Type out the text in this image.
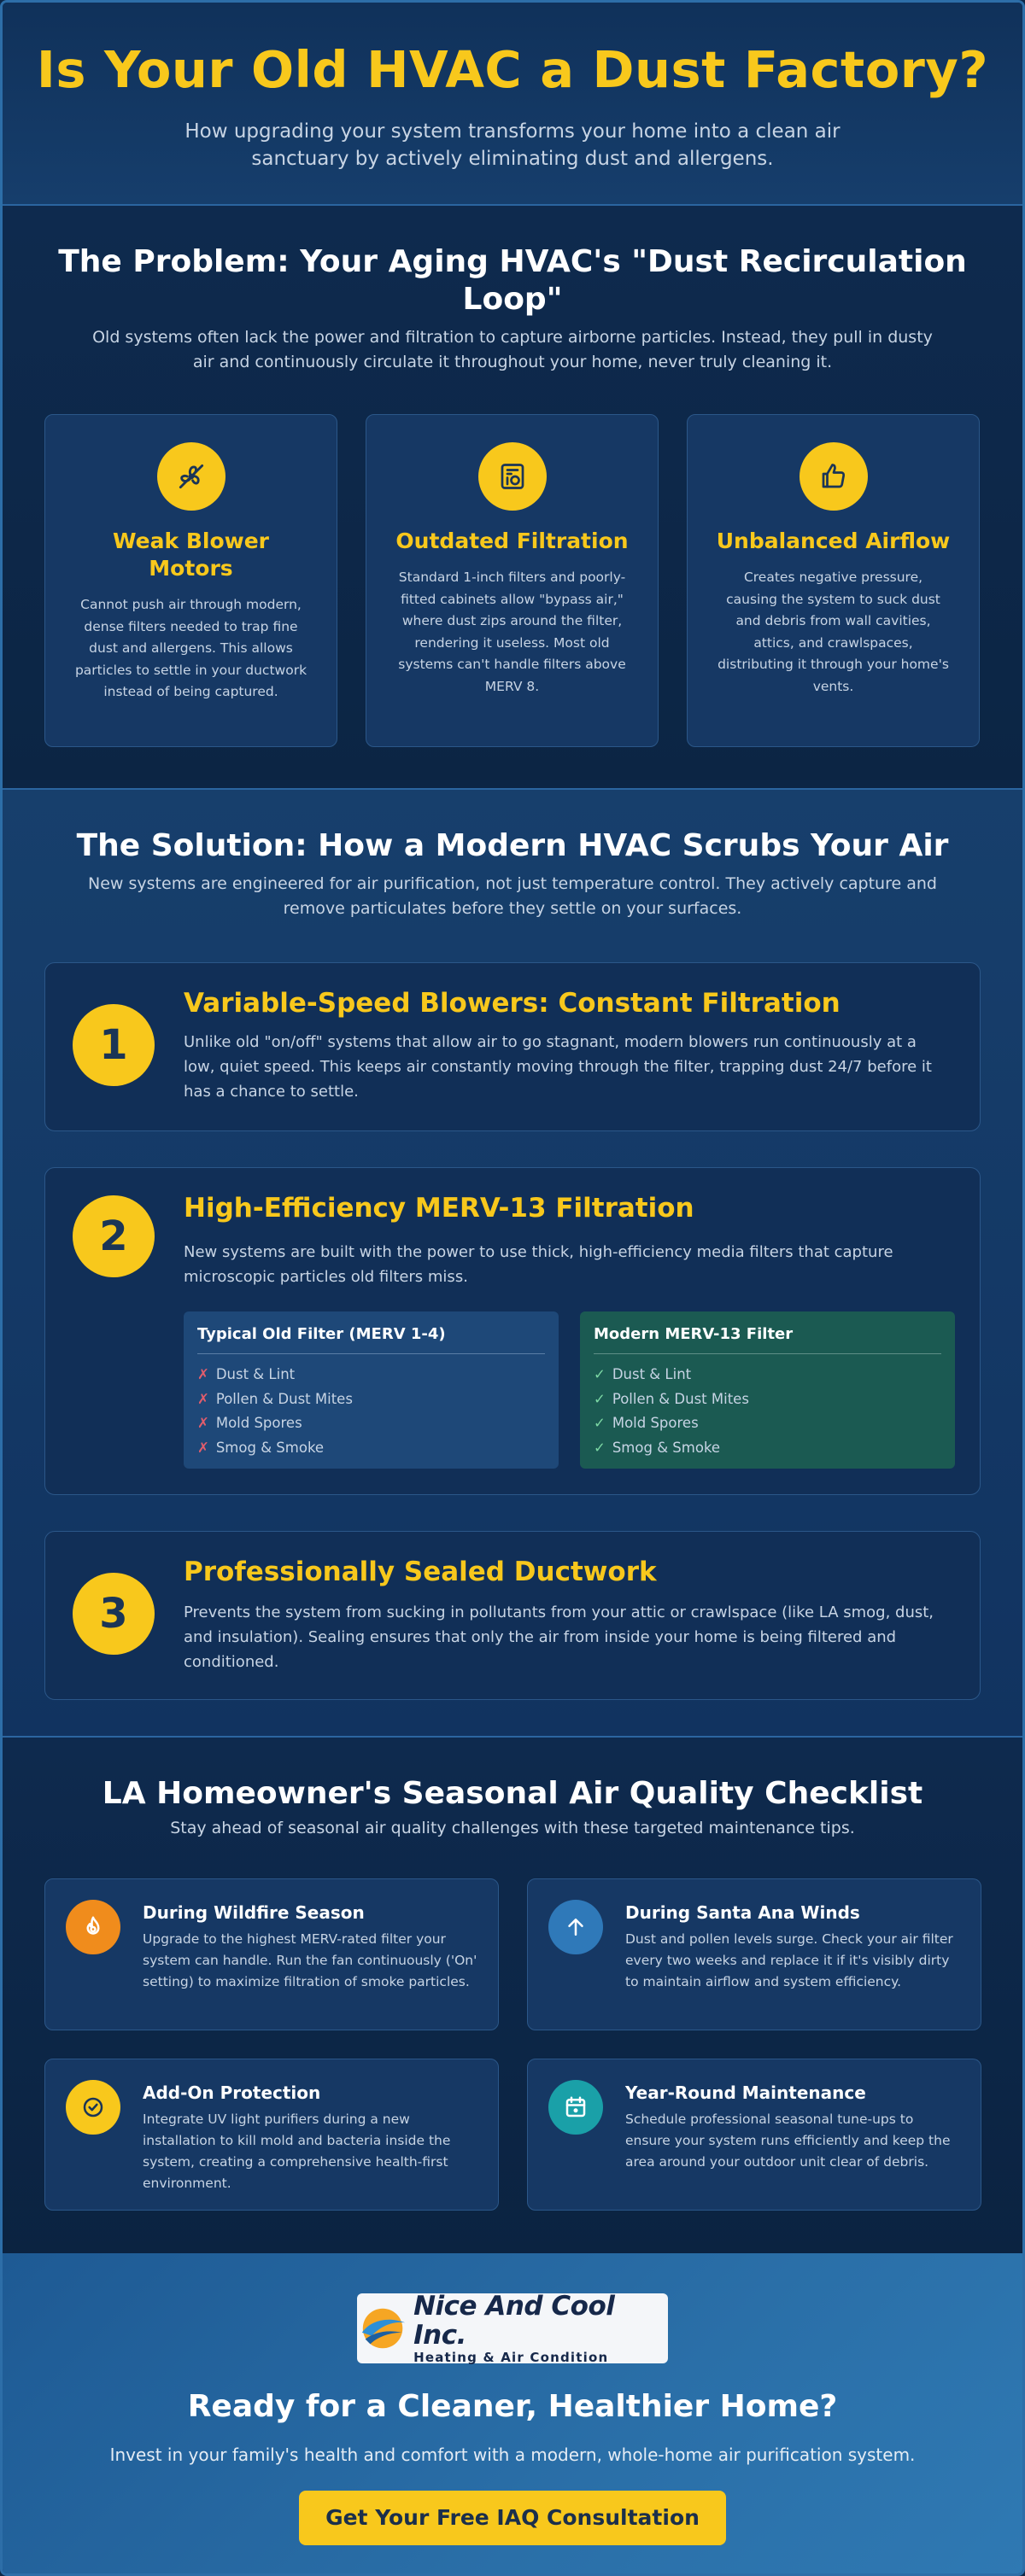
Is Your Old HVAC a Dust Factory?

How upgrading your system transforms your home into a clean air sanctuary by actively eliminating dust and allergens.

The Problem: Your Aging HVAC's "Dust Recirculation Loop"

Old systems often lack the power and filtration to capture airborne particles. Instead, they pull in dusty air and continuously circulate it throughout your home, never truly cleaning it.

Weak Blower Motors

Cannot push air through modern, dense filters needed to trap fine dust and allergens. This allows particles to settle in your ductwork instead of being captured.

Outdated Filtration

Standard 1-inch filters and poorly-fitted cabinets allow "bypass air," where dust zips around the filter, rendering it useless. Most old systems can't handle filters above MERV 8.

Unbalanced Airflow

Creates negative pressure, causing the system to suck dust and debris from wall cavities, attics, and crawlspaces, distributing it through your home's vents.

The Solution: How a Modern HVAC Scrubs Your Air

New systems are engineered for air purification, not just temperature control. They actively capture and remove particulates before they settle on your surfaces.

1
Variable-Speed Blowers: Constant Filtration

Unlike old "on/off" systems that allow air to go stagnant, modern blowers run continuously at a low, quiet speed. This keeps air constantly moving through the filter, trapping dust 24/7 before it has a chance to settle.

2
High-Efficiency MERV-13 Filtration

New systems are built with the power to use thick, high-efficiency media filters that capture microscopic particles old filters miss.

Typical Old Filter (MERV 1-4)
✗ Dust & Lint
✗ Pollen & Dust Mites
✗ Mold Spores
✗ Smog & Smoke
Modern MERV-13 Filter
✓ Dust & Lint
✓ Pollen & Dust Mites
✓ Mold Spores
✓ Smog & Smoke
3
Professionally Sealed Ductwork

Prevents the system from sucking in pollutants from your attic or crawlspace (like LA smog, dust, and insulation). Sealing ensures that only the air from inside your home is being filtered and conditioned.

LA Homeowner's Seasonal Air Quality Checklist

Stay ahead of seasonal air quality challenges with these targeted maintenance tips.

During Wildfire Season

Upgrade to the highest MERV-rated filter your system can handle. Run the fan continuously ('On' setting) to maximize filtration of smoke particles.

During Santa Ana Winds

Dust and pollen levels surge. Check your air filter every two weeks and replace it if it's visibly dirty to maintain airflow and system efficiency.

Add-On Protection

Integrate UV light purifiers during a new installation to kill mold and bacteria inside the system, creating a comprehensive health-first environment.

Year-Round Maintenance

Schedule professional seasonal tune-ups to ensure your system runs efficiently and keep the area around your outdoor unit clear of debris.

Nice And Cool Inc.
Heating & Air Condition
Ready for a Cleaner, Healthier Home?

Invest in your family's health and comfort with a modern, whole-home air purification system.

Get Your Free IAQ Consultation
